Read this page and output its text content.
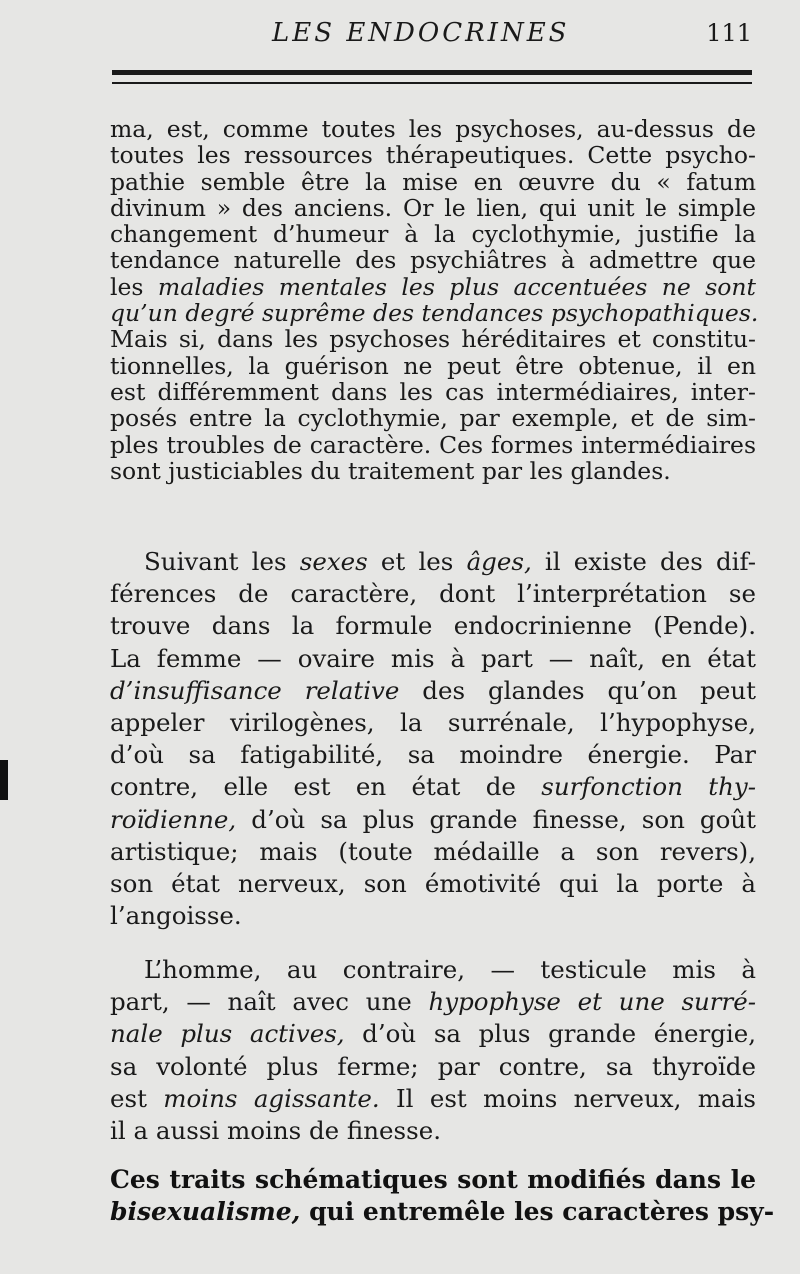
LES ENDOCRINES	111
ma, est, comme toutes les psychoses, au-dessus de
toutes les ressources thérapeutiques. Cette psycho-
pathie semble être la mise en œuvre du « fatum
divinum » des anciens. Or le lien, qui unit le simple
changement d’humeur à la cyclothymie, justifie la
tendance naturelle des psychiâtres à admettre que
les maladies mentales les plus accentuées ne sont
qu’un degré suprême des tendances psychopathiques.
Mais si, dans les psychoses héréditaires et constitu-
tionnelles, la guérison ne peut être obtenue, il en
est différemment dans les cas intermédiaires, inter-
posés entre la cyclothymie, par exemple, et de sim-
ples troubles de caractère. Ces formes intermédiaires
sont justiciables du traitement par les glandes.
Suivant les sexes et les âges, il existe des dif-
férences de caractère, dont l’interprétation se
trouve dans la formule endocrinienne (Pende).
La femme — ovaire mis à part — naît, en état
d’insuffisance relative des glandes qu’on peut
appeler virilogènes, la surrénale, l’hypophyse,
d’où sa fatigabilité, sa moindre énergie. Par
contre, elle est en état de surfonction thy-
roïdienne, d’où sa plus grande finesse, son goût
artistique; mais (toute médaille a son revers),
son état nerveux, son émotivité qui la porte à
l’angoisse.
L’homme, au contraire, — testicule mis à
part, — naît avec une hypophyse et une surré-
nale plus actives, d’où sa plus grande énergie,
sa volonté plus ferme; par contre, sa thyroïde
est moins agissante. Il est moins nerveux, mais
il a aussi moins de finesse.
Ces traits schématiques sont modifiés dans le
bisexualisme, qui entremêle les caractères psy-
